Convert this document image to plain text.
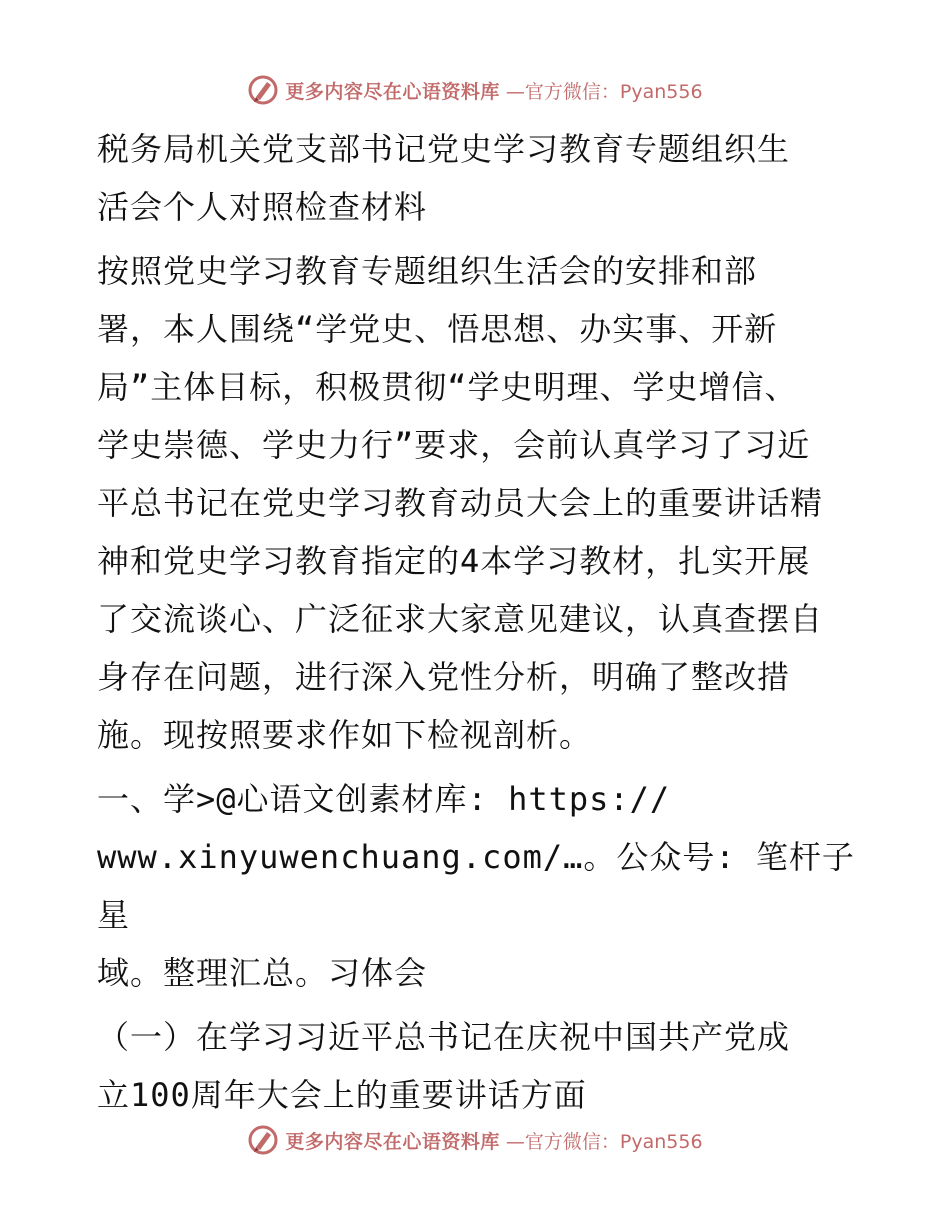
更多内容尽在心语资料库 —官方微信：Pyan556
税务局机关党支部书记党史学习教育专题组织生
活会个人对照检查材料
按照党史学习教育专题组织生活会的安排和部
署，本人围绕“学党史、悟思想、办实事、开新
局”主体目标，积极贯彻“学史明理、学史增信、
学史崇德、学史力行”要求，会前认真学习了习近
平总书记在党史学习教育动员大会上的重要讲话精
神和党史学习教育指定的4本学习教材，扎实开展
了交流谈心、广泛征求大家意见建议，认真查摆自
身存在问题，进行深入党性分析，明确了整改措
施。现按照要求作如下检视剖析。
一、学>@心语文创素材库: https://
www.xinyuwenchuang.com/…。公众号: 笔杆子星
域。整理汇总。习体会
（一）在学习习近平总书记在庆祝中国共产党成
立100周年大会上的重要讲话方面
更多内容尽在心语资料库 —官方微信：Pyan556
